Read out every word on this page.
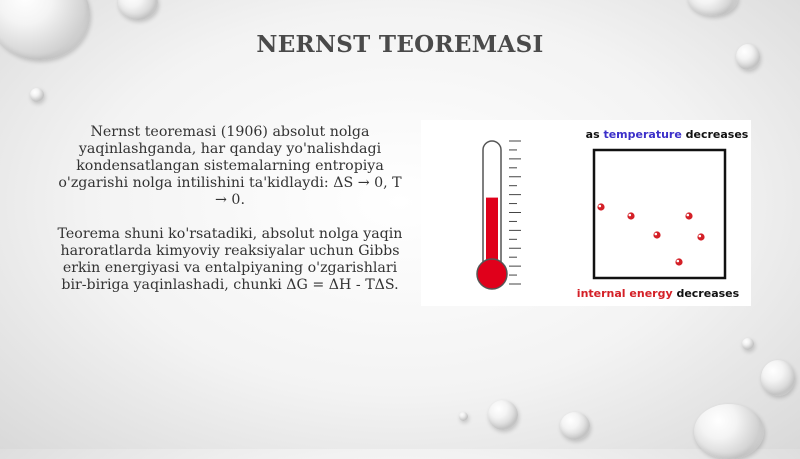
NERNST TEOREMASI

Nernst teoremasi (1906) absolut nolga yaqinlashganda, har qanday yo'nalishdagi kondensatlangan sistemalarning entropiya o'zgarishi nolga intilishini ta'kidlaydi: ΔS → 0, T → 0.

Teorema shuni ko'rsatadiki, absolut nolga yaqin haroratlarda kimyoviy reaksiyalar uchun Gibbs erkin energiyasi va entalpiyaning o'zgarishlari bir-biriga yaqinlashadi, chunki ΔG = ΔH - TΔS.

as temperature decreases
internal energy decreases
